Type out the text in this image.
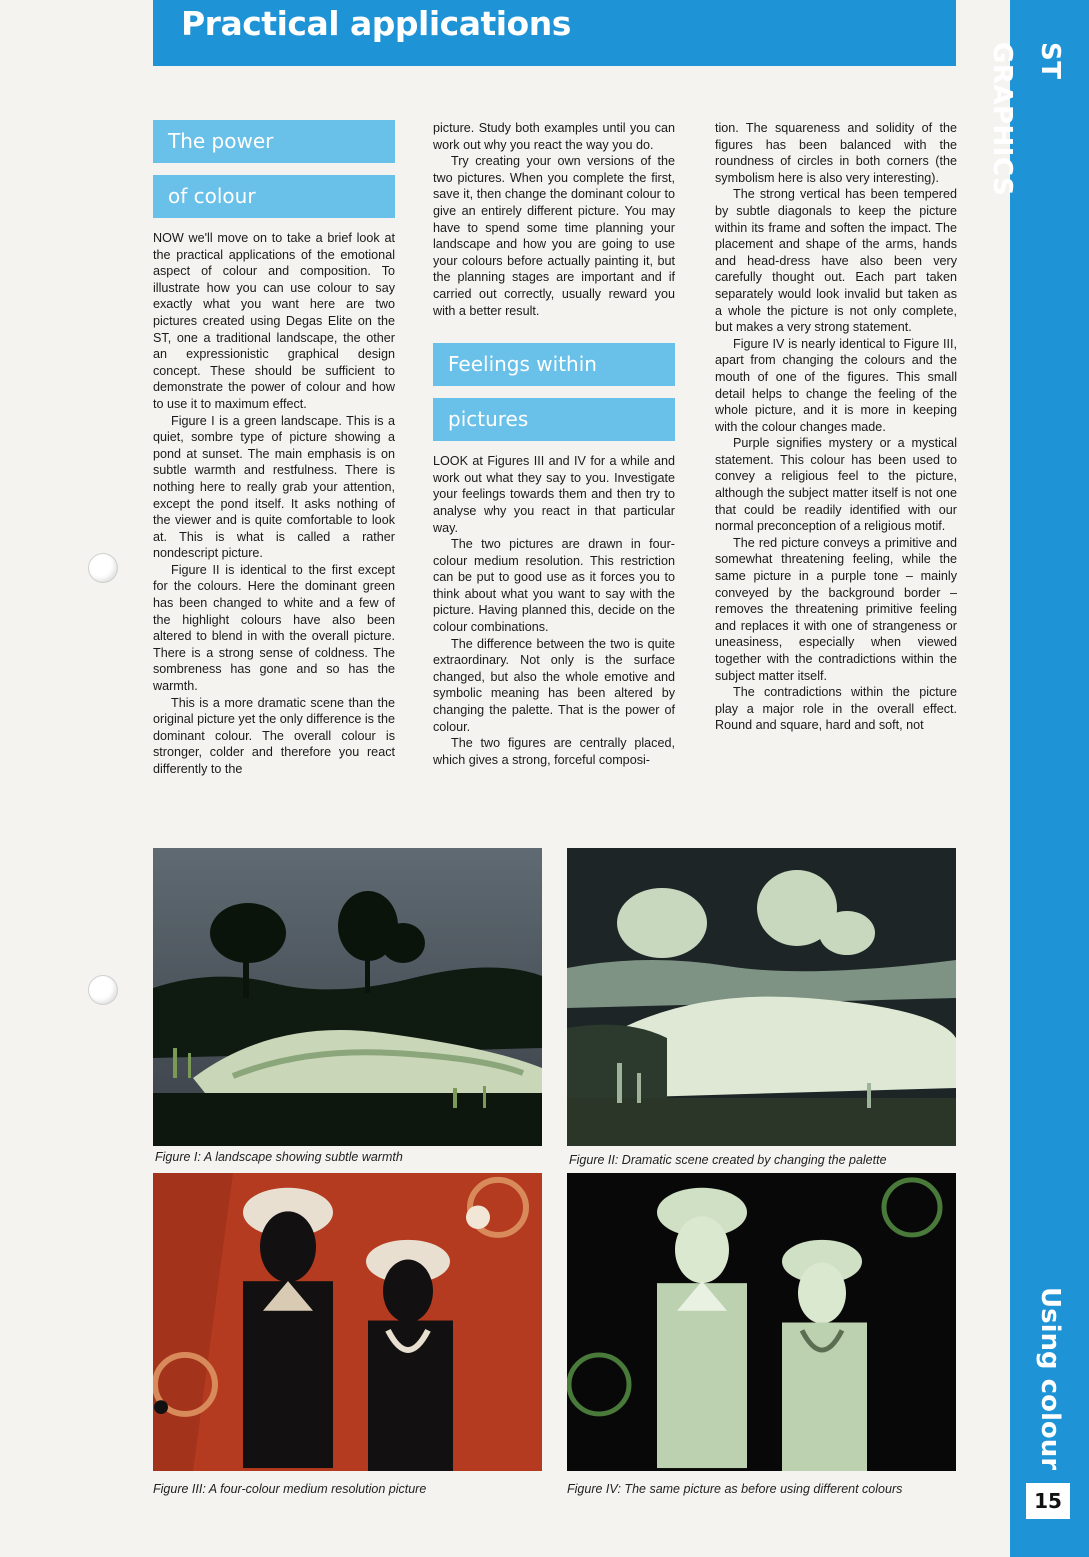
Practical applications
ST GRAPHICS
Using colour
15
The power
of colour

NOW we'll move on to take a brief look at the practical applications of the emotional aspect of colour and composition. To illustrate how you can use colour to say exactly what you want here are two pictures created using Degas Elite on the ST, one a traditional landscape, the other an expressionistic graphical design concept. These should be sufficient to demonstrate the power of colour and how to use it to maximum effect.

Figure I is a green landscape. This is a quiet, sombre type of picture showing a pond at sunset. The main emphasis is on subtle warmth and restfulness. There is nothing here to really grab your attention, except the pond itself. It asks nothing of the viewer and is quite comfortable to look at. This is what is called a rather nondescript picture.

Figure II is identical to the first except for the colours. Here the dominant green has been changed to white and a few of the highlight colours have also been altered to blend in with the overall picture. There is a strong sense of coldness. The sombreness has gone and so has the warmth.

This is a more dramatic scene than the original picture yet the only difference is the dominant colour. The overall colour is stronger, colder and therefore you react differently to the

picture. Study both examples until you can work out why you react the way you do.

Try creating your own versions of the two pictures. When you complete the first, save it, then change the dominant colour to give an entirely different picture. You may have to spend some time planning your landscape and how you are going to use your colours before actually painting it, but the planning stages are important and if carried out correctly, usually reward you with a better result.

Feelings within
pictures

LOOK at Figures III and IV for a while and work out what they say to you. Investigate your feelings towards them and then try to analyse why you react in that particular way.

The two pictures are drawn in four-colour medium resolution. This restriction can be put to good use as it forces you to think about what you want to say with the picture. Having planned this, decide on the colour combinations.

The difference between the two is quite extraordinary. Not only is the surface changed, but also the whole emotive and symbolic meaning has been altered by changing the palette. That is the power of colour.

The two figures are centrally placed, which gives a strong, forceful composi-

tion. The squareness and solidity of the figures has been balanced with the roundness of circles in both corners (the symbolism here is also very interesting).

The strong vertical has been tempered by subtle diagonals to keep the picture within its frame and soften the impact. The placement and shape of the arms, hands and head-dress have also been very carefully thought out. Each part taken separately would look invalid but taken as a whole the picture is not only complete, but makes a very strong statement.

Figure IV is nearly identical to Figure III, apart from changing the colours and the mouth of one of the figures. This small detail helps to change the feeling of the whole picture, and it is more in keeping with the colour changes made.

Purple signifies mystery or a mystical statement. This colour has been used to convey a religious feel to the picture, although the subject matter itself is not one that could be readily identified with our normal preconception of a religious motif.

The red picture conveys a primitive and somewhat threatening feeling, while the same picture in a purple tone – mainly conveyed by the background border – removes the threatening primitive feeling and replaces it with one of strangeness or uneasiness, especially when viewed together with the contradictions within the subject matter itself.

The contradictions within the picture play a major role in the overall effect. Round and square, hard and soft, not

Figure I: A landscape showing subtle warmth	Figure II: Dramatic scene created by changing the palette
Figure III: A four-colour medium resolution picture	Figure IV: The same picture as before using different colours
